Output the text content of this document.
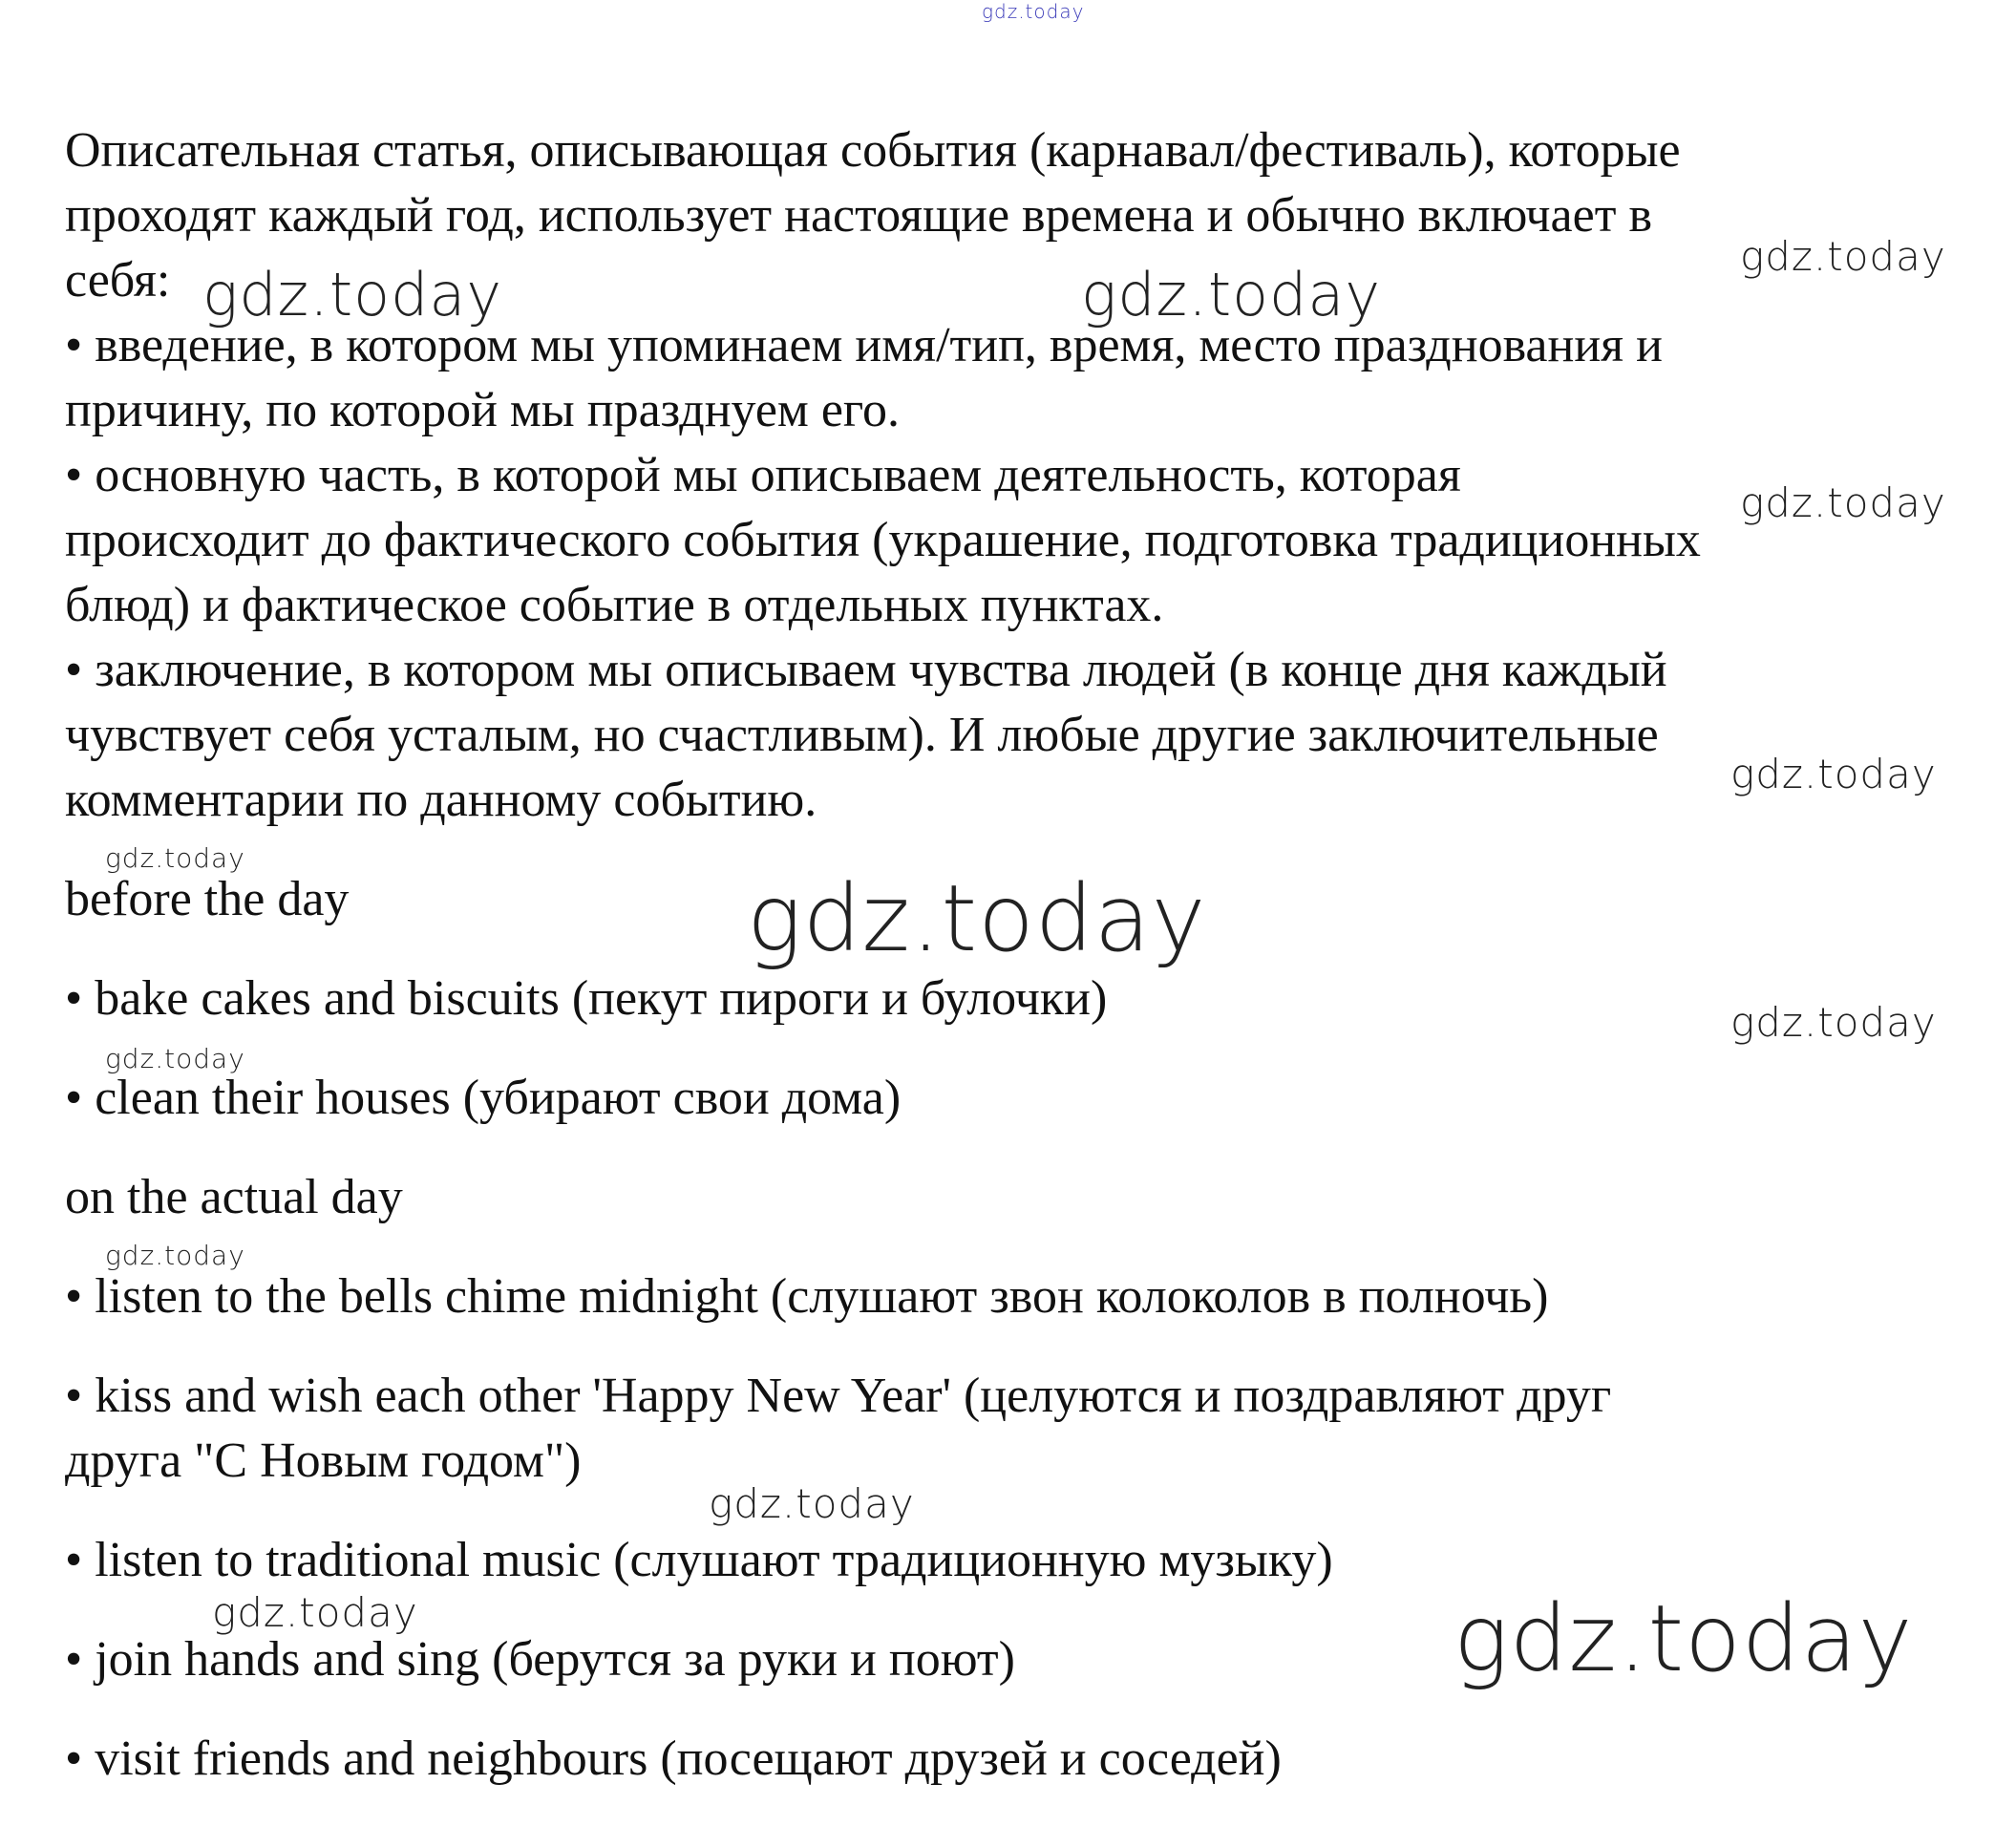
gdz.today
gdz.today
gdz.today	gdz.today
gdz.today
gdz.today
gdz.today
gdz.today
gdz.today
gdz.today
gdz.today
gdz.today
gdz.today	gdz.today
Описательная статья, описывающая события (карнавал/фестиваль), которые
проходят каждый год, использует настоящие времена и обычно включает в
себя:
• введение, в котором мы упоминаем имя/тип, время, место празднования и
причину, по которой мы празднуем его.
• основную часть, в которой мы описываем деятельность, которая
происходит до фактического события (украшение, подготовка традиционных
блюд) и фактическое событие в отдельных пунктах.
• заключение, в котором мы описываем чувства людей (в конце дня каждый
чувствует себя усталым, но счастливым). И любые другие заключительные
комментарии по данному событию.
before the day
• bake cakes and biscuits (пекут пироги и булочки)
• clean their houses (убирают свои дома)
on the actual day
• listen to the bells chime midnight (слушают звон колоколов в полночь)
• kiss and wish each other 'Happy New Year' (целуются и поздравляют друг
друга "С Новым годом")
• listen to traditional music (слушают традиционную музыку)
• join hands and sing (берутся за руки и поют)
• visit friends and neighbours (посещают друзей и соседей)
